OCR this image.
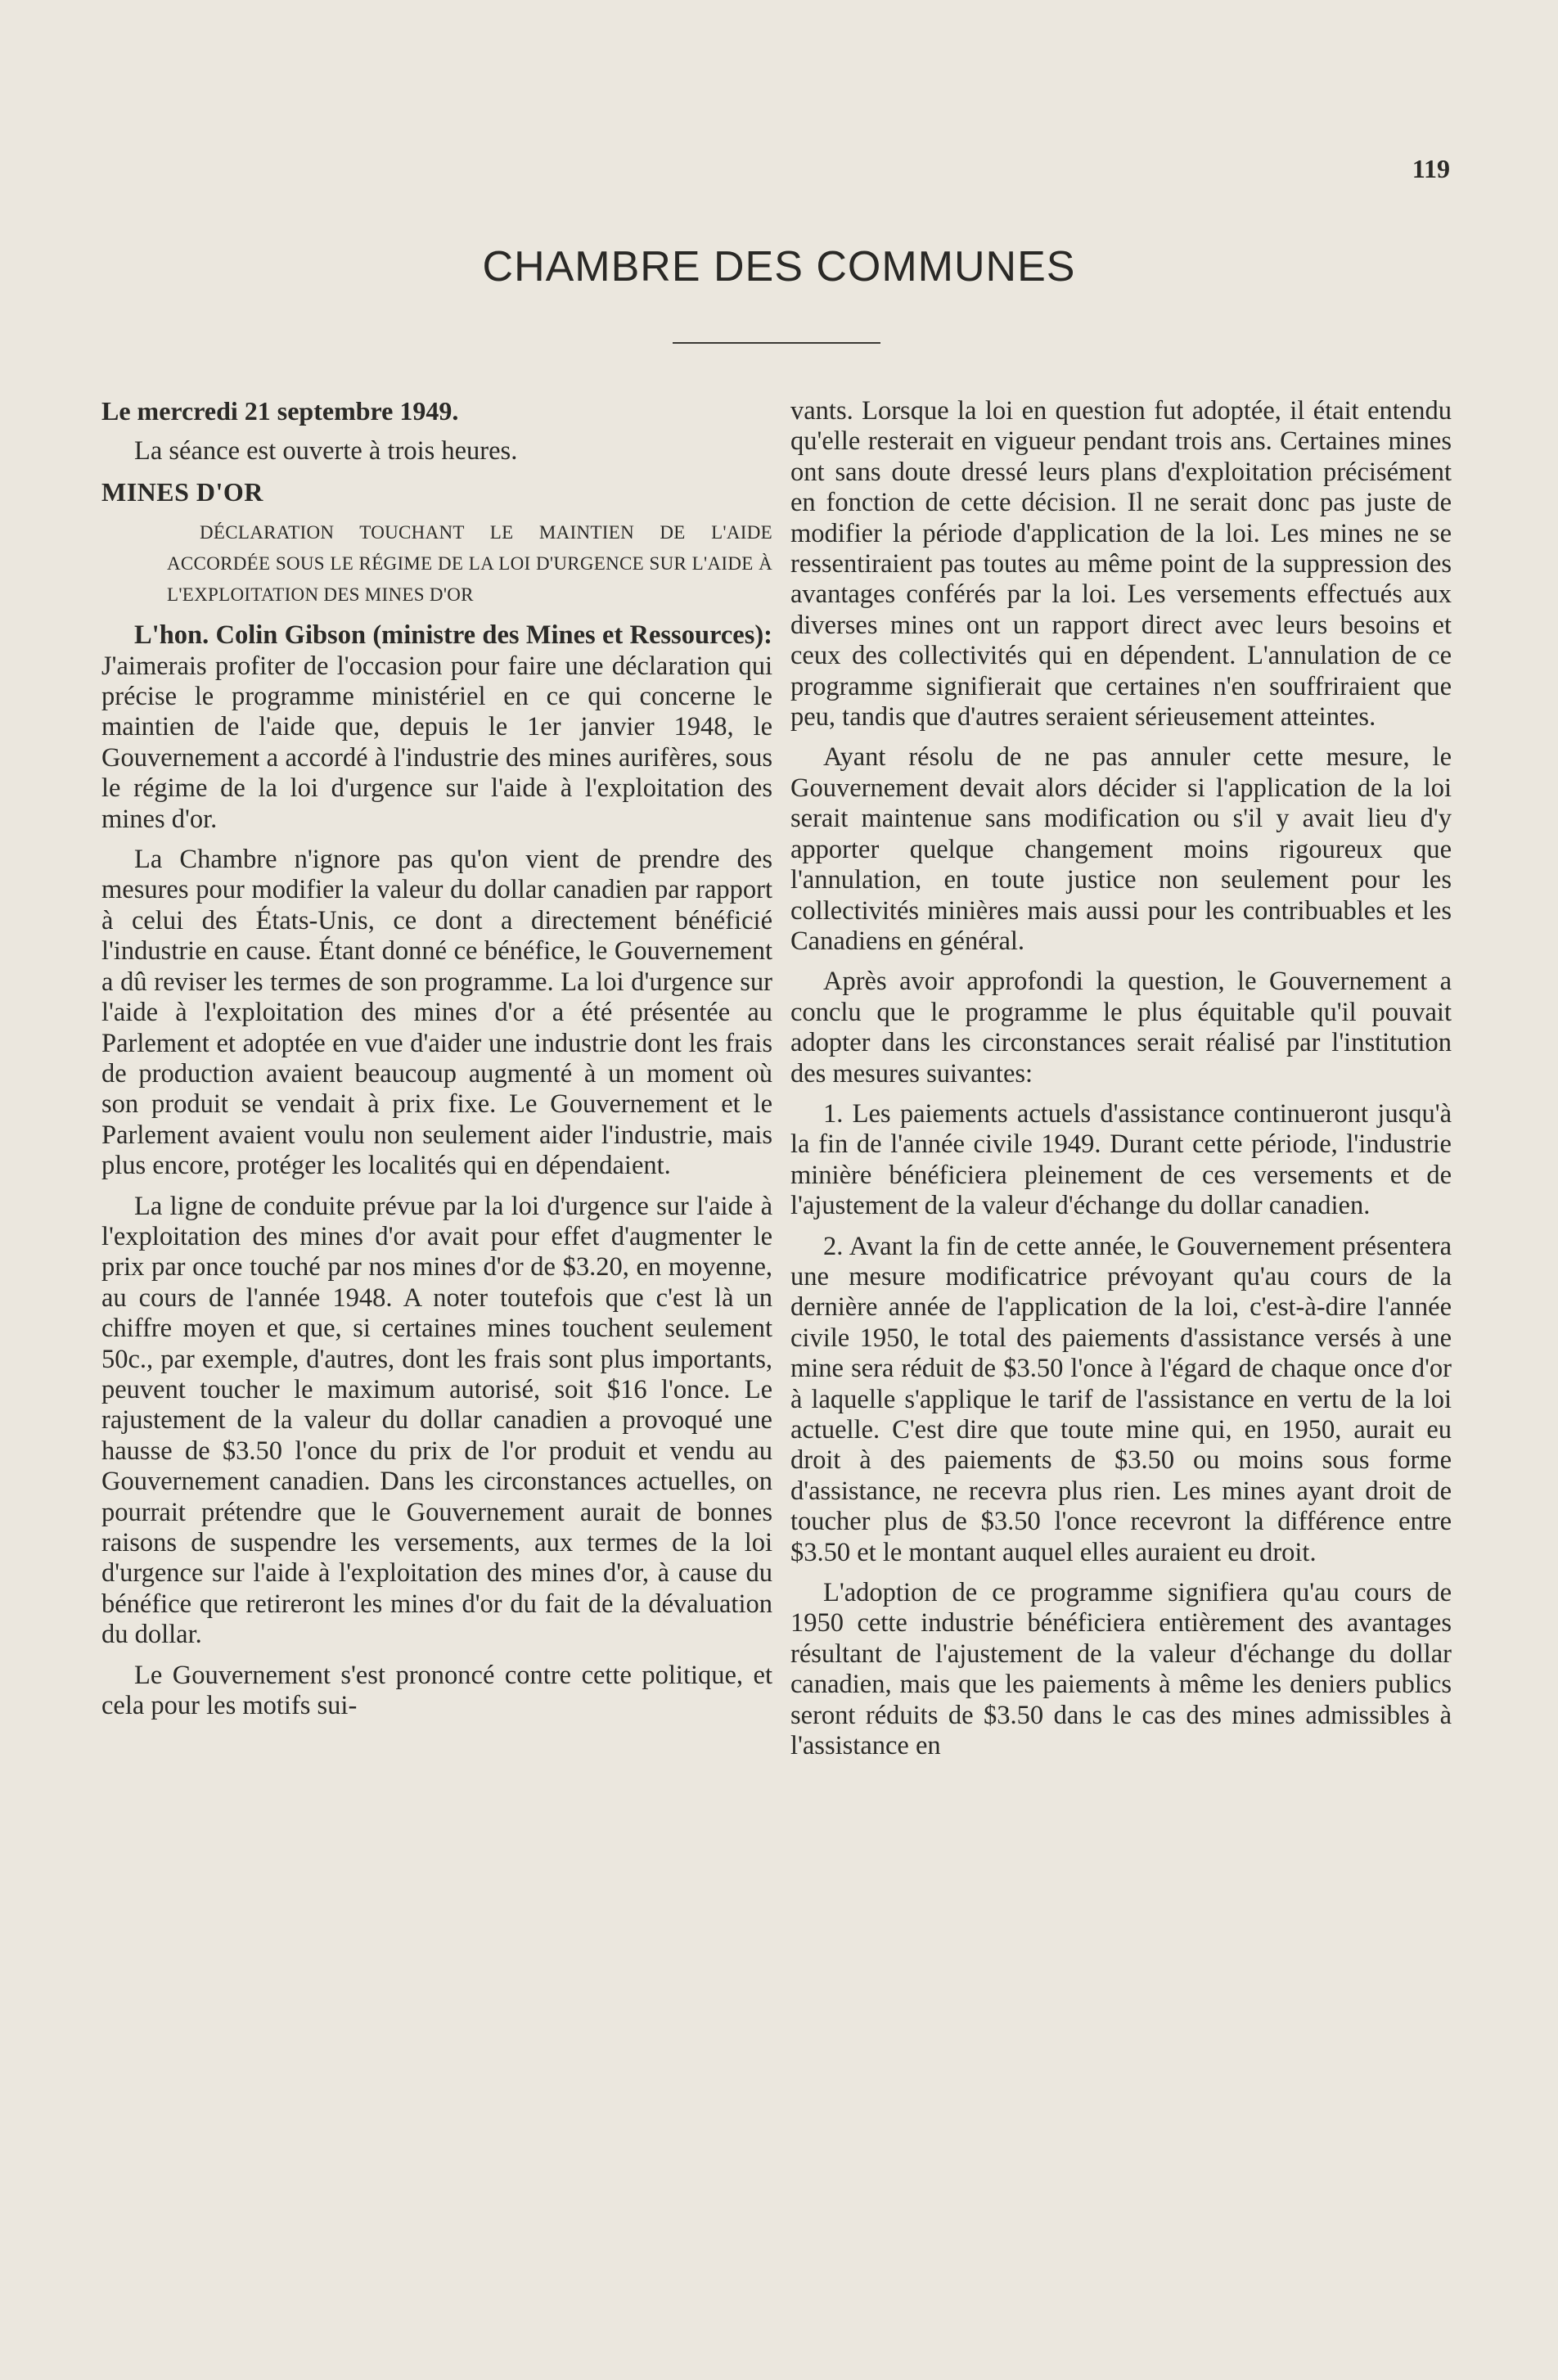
119
CHAMBRE DES COMMUNES

Le mercredi 21 septembre 1949.

La séance est ouverte à trois heures.

MINES D'OR

DÉCLARATION TOUCHANT LE MAINTIEN DE L'AIDE ACCORDÉE SOUS LE RÉGIME DE LA LOI D'URGENCE SUR L'AIDE À L'EXPLOITATION DES MINES D'OR

L'hon. Colin Gibson (ministre des Mines et Ressources): J'aimerais profiter de l'occasion pour faire une déclaration qui précise le programme ministériel en ce qui concerne le maintien de l'aide que, depuis le 1er janvier 1948, le Gouvernement a accordé à l'industrie des mines aurifères, sous le régime de la loi d'urgence sur l'aide à l'exploitation des mines d'or.

La Chambre n'ignore pas qu'on vient de prendre des mesures pour modifier la valeur du dollar canadien par rapport à celui des États-Unis, ce dont a directement bénéficié l'industrie en cause. Étant donné ce bénéfice, le Gouvernement a dû reviser les termes de son programme. La loi d'urgence sur l'aide à l'exploitation des mines d'or a été présentée au Parlement et adoptée en vue d'aider une industrie dont les frais de production avaient beaucoup augmenté à un moment où son produit se vendait à prix fixe. Le Gouvernement et le Parlement avaient voulu non seulement aider l'industrie, mais plus encore, protéger les localités qui en dépendaient.

La ligne de conduite prévue par la loi d'urgence sur l'aide à l'exploitation des mines d'or avait pour effet d'augmenter le prix par once touché par nos mines d'or de $3.20, en moyenne, au cours de l'année 1948. A noter toutefois que c'est là un chiffre moyen et que, si certaines mines touchent seulement 50c., par exemple, d'autres, dont les frais sont plus importants, peuvent toucher le maximum autorisé, soit $16 l'once. Le rajustement de la valeur du dollar canadien a provoqué une hausse de $3.50 l'once du prix de l'or produit et vendu au Gouvernement canadien. Dans les circonstances actuelles, on pourrait prétendre que le Gouvernement aurait de bonnes raisons de suspendre les versements, aux termes de la loi d'urgence sur l'aide à l'exploitation des mines d'or, à cause du bénéfice que retireront les mines d'or du fait de la dévaluation du dollar.

Le Gouvernement s'est prononcé contre cette politique, et cela pour les motifs sui-

vants. Lorsque la loi en question fut adoptée, il était entendu qu'elle resterait en vigueur pendant trois ans. Certaines mines ont sans doute dressé leurs plans d'exploitation précisément en fonction de cette décision. Il ne serait donc pas juste de modifier la période d'application de la loi. Les mines ne se ressentiraient pas toutes au même point de la suppression des avantages conférés par la loi. Les versements effectués aux diverses mines ont un rapport direct avec leurs besoins et ceux des collectivités qui en dépendent. L'annulation de ce programme signifierait que certaines n'en souffriraient que peu, tandis que d'autres seraient sérieusement atteintes.

Ayant résolu de ne pas annuler cette mesure, le Gouvernement devait alors décider si l'application de la loi serait maintenue sans modification ou s'il y avait lieu d'y apporter quelque changement moins rigoureux que l'annulation, en toute justice non seulement pour les collectivités minières mais aussi pour les contribuables et les Canadiens en général.

Après avoir approfondi la question, le Gouvernement a conclu que le programme le plus équitable qu'il pouvait adopter dans les circonstances serait réalisé par l'institution des mesures suivantes:

1. Les paiements actuels d'assistance continueront jusqu'à la fin de l'année civile 1949. Durant cette période, l'industrie minière bénéficiera pleinement de ces versements et de l'ajustement de la valeur d'échange du dollar canadien.

2. Avant la fin de cette année, le Gouvernement présentera une mesure modificatrice prévoyant qu'au cours de la dernière année de l'application de la loi, c'est-à-dire l'année civile 1950, le total des paiements d'assistance versés à une mine sera réduit de $3.50 l'once à l'égard de chaque once d'or à laquelle s'applique le tarif de l'assistance en vertu de la loi actuelle. C'est dire que toute mine qui, en 1950, aurait eu droit à des paiements de $3.50 ou moins sous forme d'assistance, ne recevra plus rien. Les mines ayant droit de toucher plus de $3.50 l'once recevront la différence entre $3.50 et le montant auquel elles auraient eu droit.

L'adoption de ce programme signifiera qu'au cours de 1950 cette industrie bénéficiera entièrement des avantages résultant de l'ajustement de la valeur d'échange du dollar canadien, mais que les paiements à même les deniers publics seront réduits de $3.50 dans le cas des mines admissibles à l'assistance en
